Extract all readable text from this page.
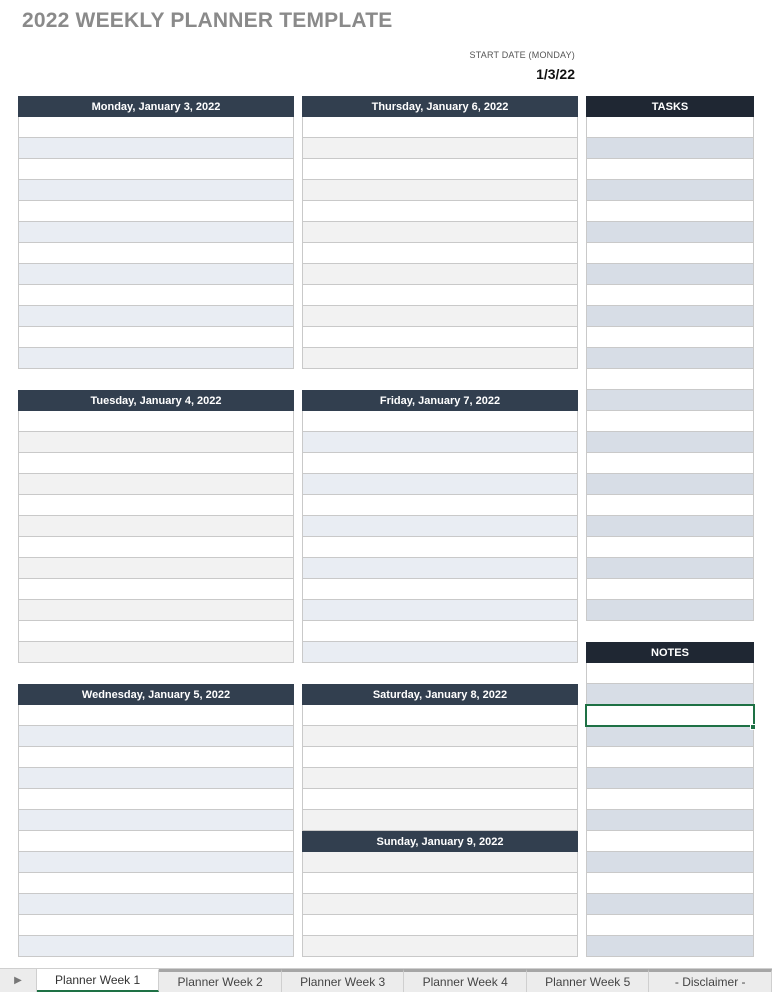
2022 WEEKLY PLANNER TEMPLATE
START DATE (MONDAY)
1/3/22
Monday, January 3, 2022
Tuesday, January 4, 2022
Wednesday, January 5, 2022
Thursday, January 6, 2022
Friday, January 7, 2022
Saturday, January 8, 2022
Sunday, January 9, 2022
TASKS
NOTES
▶	Planner Week 1	Planner Week 2	Planner Week 3	Planner Week 4	Planner Week 5	- Disclaimer -
